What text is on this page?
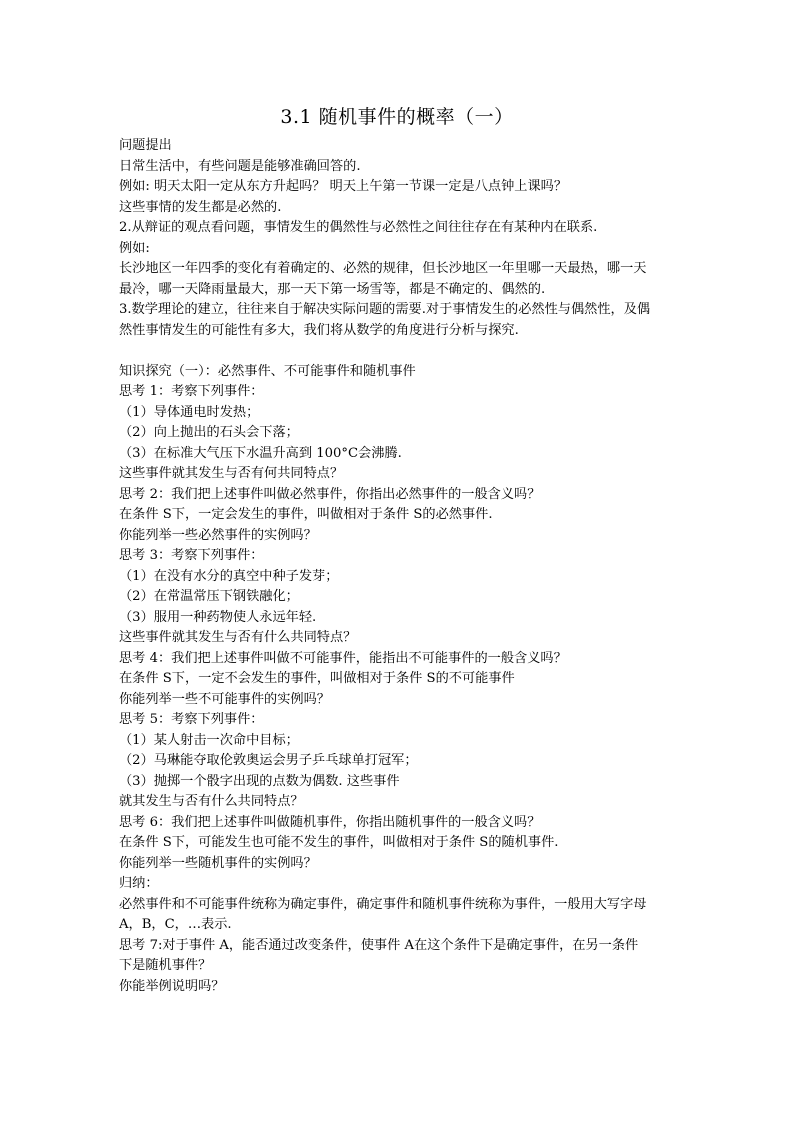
3.1 随机事件的概率（一）
问题提出
日常生活中，有些问题是能够准确回答的.
例如: 明天太阳一定从东方升起吗？ 明天上午第一节课一定是八点钟上课吗？
这些事情的发生都是必然的.
2.从辩证的观点看问题，事情发生的偶然性与必然性之间往往存在有某种内在联系.
例如:
长沙地区一年四季的变化有着确定的、必然的规律，但长沙地区一年里哪一天最热，哪一天
最冷，哪一天降雨量最大，那一天下第一场雪等，都是不确定的、偶然的.
3.数学理论的建立，往往来自于解决实际问题的需要.对于事情发生的必然性与偶然性，及偶
然性事情发生的可能性有多大，我们将从数学的角度进行分析与探究.
知识探究（一）：必然事件、不可能事件和随机事件
思考 1：考察下列事件：
（1）导体通电时发热；
（2）向上抛出的石头会下落；
（3）在标准大气压下水温升高到 100°C会沸腾.
这些事件就其发生与否有何共同特点？
思考 2：我们把上述事件叫做必然事件，你指出必然事件的一般含义吗？
在条件 S下，一定会发生的事件，叫做相对于条件 S的必然事件.
你能列举一些必然事件的实例吗？
思考 3：考察下列事件：
（1）在没有水分的真空中种子发芽；
（2）在常温常压下钢铁融化；
（3）服用一种药物使人永远年轻.
这些事件就其发生与否有什么共同特点？
思考 4：我们把上述事件叫做不可能事件，能指出不可能事件的一般含义吗？
在条件 S下，一定不会发生的事件，叫做相对于条件 S的不可能事件
你能列举一些不可能事件的实例吗？
思考 5：考察下列事件：
（1）某人射击一次命中目标；
（2）马琳能夺取伦敦奥运会男子乒乓球单打冠军；
（3）抛掷一个骰字出现的点数为偶数. 这些事件
就其发生与否有什么共同特点？
思考 6：我们把上述事件叫做随机事件，你指出随机事件的一般含义吗？
在条件 S下，可能发生也可能不发生的事件，叫做相对于条件 S的随机事件.
你能列举一些随机事件的实例吗？
归纳：
必然事件和不可能事件统称为确定事件，确定事件和随机事件统称为事件，一般用大写字母
A，B，C，…表示.
思考 7:对于事件 A，能否通过改变条件，使事件 A在这个条件下是确定事件，在另一条件
下是随机事件？
你能举例说明吗？
